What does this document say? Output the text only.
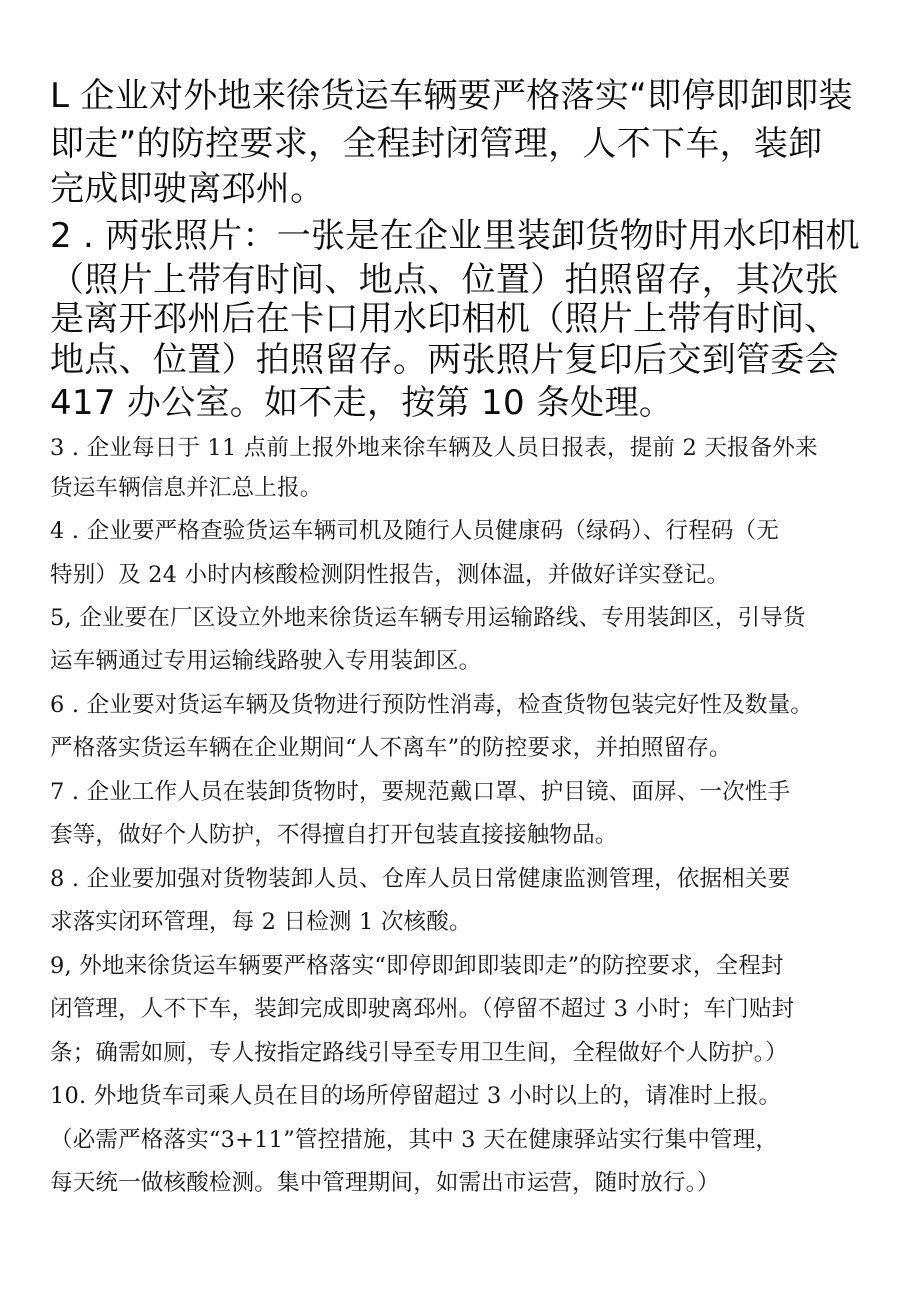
L 企业对外地来徐货运车辆要严格落实“即停即卸即装
即走”的防控要求，全程封闭管理，人不下车，装卸
完成即驶离邳州。
2 . 两张照片：一张是在企业里装卸货物时用水印相机
（照片上带有时间、地点、位置）拍照留存，其次张
是离开邳州后在卡口用水印相机（照片上带有时间、
地点、位置）拍照留存。两张照片复印后交到管委会
417 办公室。如不走，按第 10 条处理。
3 . 企业每日于 11 点前上报外地来徐车辆及人员日报表，提前 2 天报备外来
货运车辆信息并汇总上报。
4 . 企业要严格查验货运车辆司机及随行人员健康码（绿码）、行程码（无
特别）及 24 小时内核酸检测阴性报告，测体温，并做好详实登记。
5, 企业要在厂区设立外地来徐货运车辆专用运输路线、专用装卸区，引导货
运车辆通过专用运输线路驶入专用装卸区。
6 . 企业要对货运车辆及货物进行预防性消毒，检查货物包装完好性及数量。
严格落实货运车辆在企业期间“人不离车”的防控要求，并拍照留存。
7 . 企业工作人员在装卸货物时，要规范戴口罩、护目镜、面屏、一次性手
套等，做好个人防护，不得擅自打开包装直接接触物品。
8 . 企业要加强对货物装卸人员、仓库人员日常健康监测管理，依据相关要
求落实闭环管理，每 2 日检测 1 次核酸。
9, 外地来徐货运车辆要严格落实“即停即卸即装即走”的防控要求，全程封
闭管理，人不下车，装卸完成即驶离邳州。（停留不超过 3 小时；车门贴封
条；确需如厕，专人按指定路线引导至专用卫生间，全程做好个人防护。）
10. 外地货车司乘人员在目的场所停留超过 3 小时以上的，请准时上报。
（必需严格落实“3+11”管控措施，其中 3 天在健康驿站实行集中管理，
每天统一做核酸检测。集中管理期间，如需出市运营，随时放行。）
